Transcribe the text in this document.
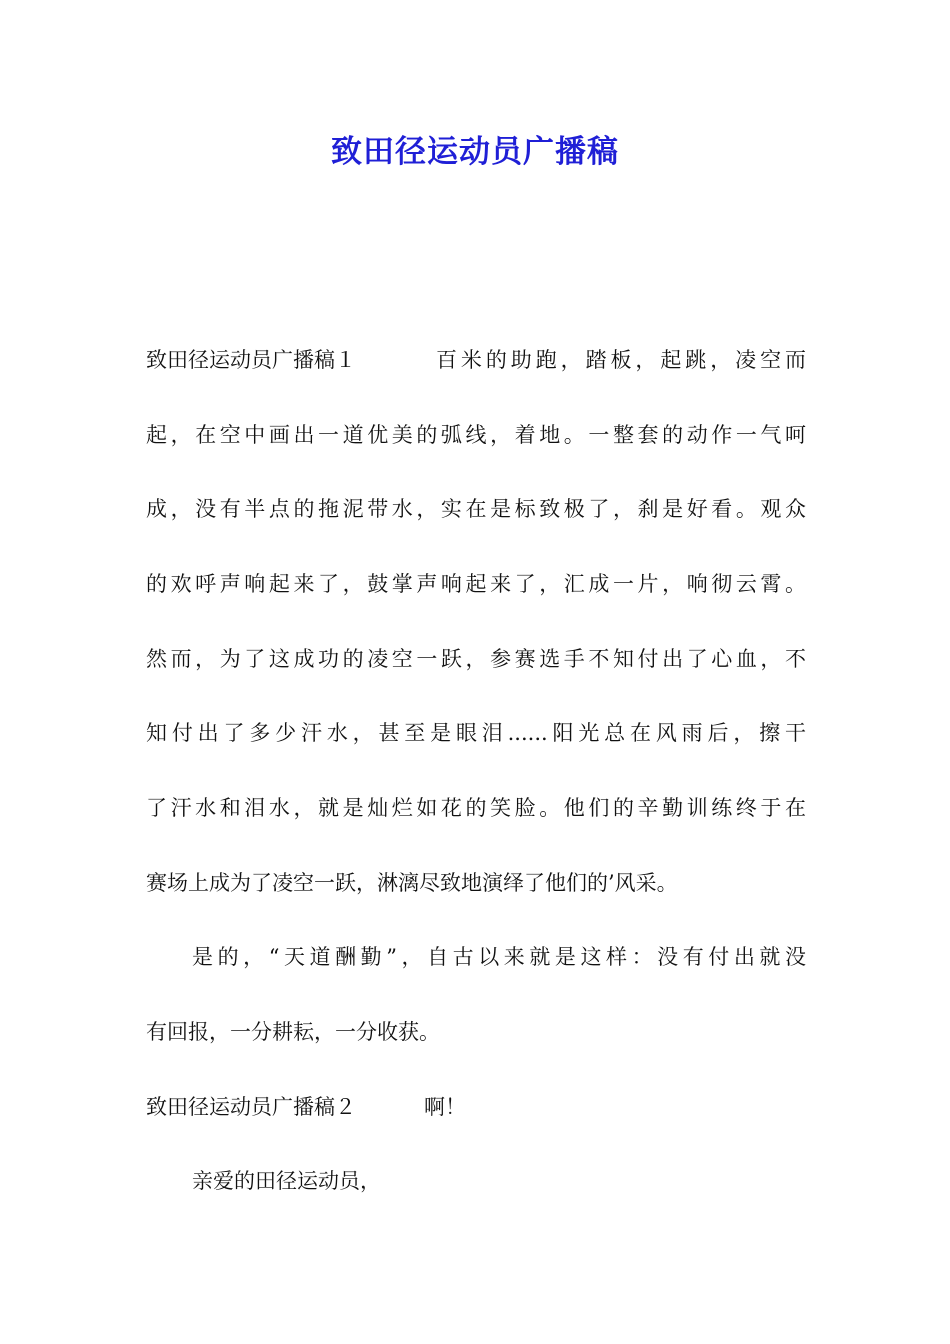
致田径运动员广播稿
致田径运动员广播稿１	百米的助跑，踏板，起跳，凌空而
起，在空中画出一道优美的弧线，着地。一整套的动作一气呵
成，没有半点的拖泥带水，实在是标致极了，刹是好看。观众
的欢呼声响起来了，鼓掌声响起来了，汇成一片，响彻云霄。
然而，为了这成功的凌空一跃，参赛选手不知付出了心血，不
知付出了多少汗水，甚至是眼泪......阳光总在风雨后，擦干
了汗水和泪水，就是灿烂如花的笑脸。他们的辛勤训练终于在
赛场上成为了凌空一跃，淋漓尽致地演绎了他们的’风采。
是的，“天道酬勤”，自古以来就是这样：没有付出就没
有回报，一分耕耘，一分收获。
致田径运动员广播稿２	啊！
亲爱的田径运动员，
